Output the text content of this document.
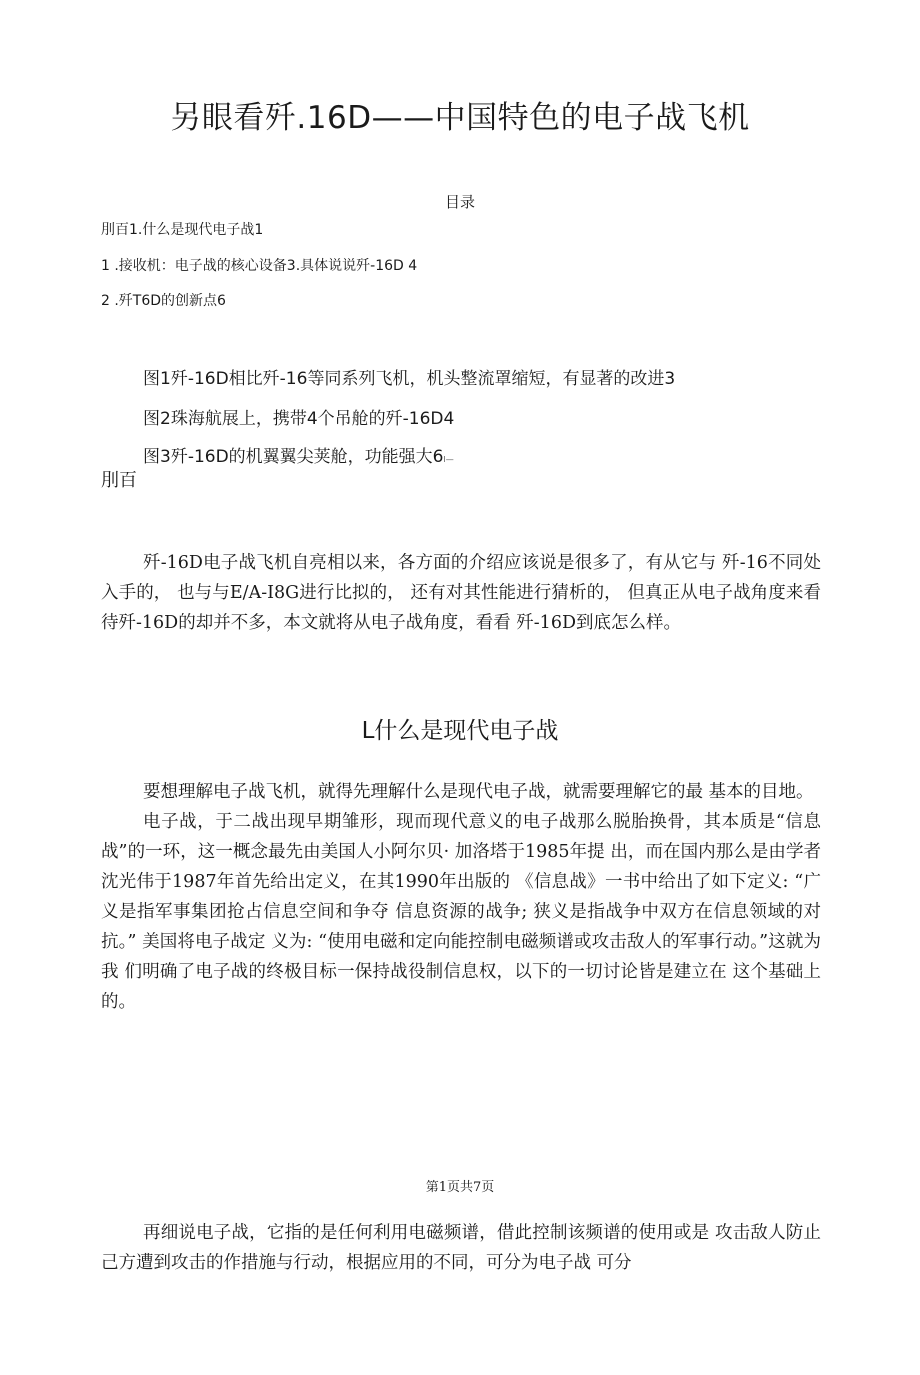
另眼看歼.16D——中国特色的电子战飞机
目录
刖百1.什么是现代电子战1
1 .接收机：电子战的核心设备3.具体说说歼-16D 4
2 .歼T6D的创新点6
图1歼-16D相比歼-16等同系列飞机，机头整流罩缩短，有显著的改进3
图2珠海航展上，携带4个吊舱的歼-16D4
图3歼-16D的机翼翼尖荚舱，功能强大6l—
刖百

歼-16D电子战飞机自亮相以来，各方面的介绍应该说是很多了，有从它与 歼-16不同处入手的， 也与与E/A-I8G进行比拟的， 还有对其性能进行猜析的， 但真正从电子战角度来看待歼-16D的却并不多，本文就将从电子战角度，看看 歼-16D到底怎么样。

L什么是现代电子战

要想理解电子战飞机，就得先理解什么是现代电子战，就需要理解它的最 基本的目地。

电子战，于二战出现早期雏形，现而现代意义的电子战那么脱胎换骨，其本质是“信息战”的一环，这一概念最先由美国人小阿尔贝· 加洛塔于1985年提 出，而在国内那么是由学者沈光伟于1987年首先给出定义，在其1990年出版的 《信息战》一书中给出了如下定义: “广义是指军事集团抢占信息空间和争夺 信息资源的战争; 狭义是指战争中双方在信息领域的对抗。” 美国将电子战定 义为: “使用电磁和定向能控制电磁频谱或攻击敌人的军事行动。”这就为我 们明确了电子战的终极目标一保持战役制信息权，以下的一切讨论皆是建立在 这个基础上的。

第1页共7页

再细说电子战，它指的是任何利用电磁频谱，借此控制该频谱的使用或是 攻击敌人防止己方遭到攻击的作措施与行动，根据应用的不同，可分为电子战 可分
